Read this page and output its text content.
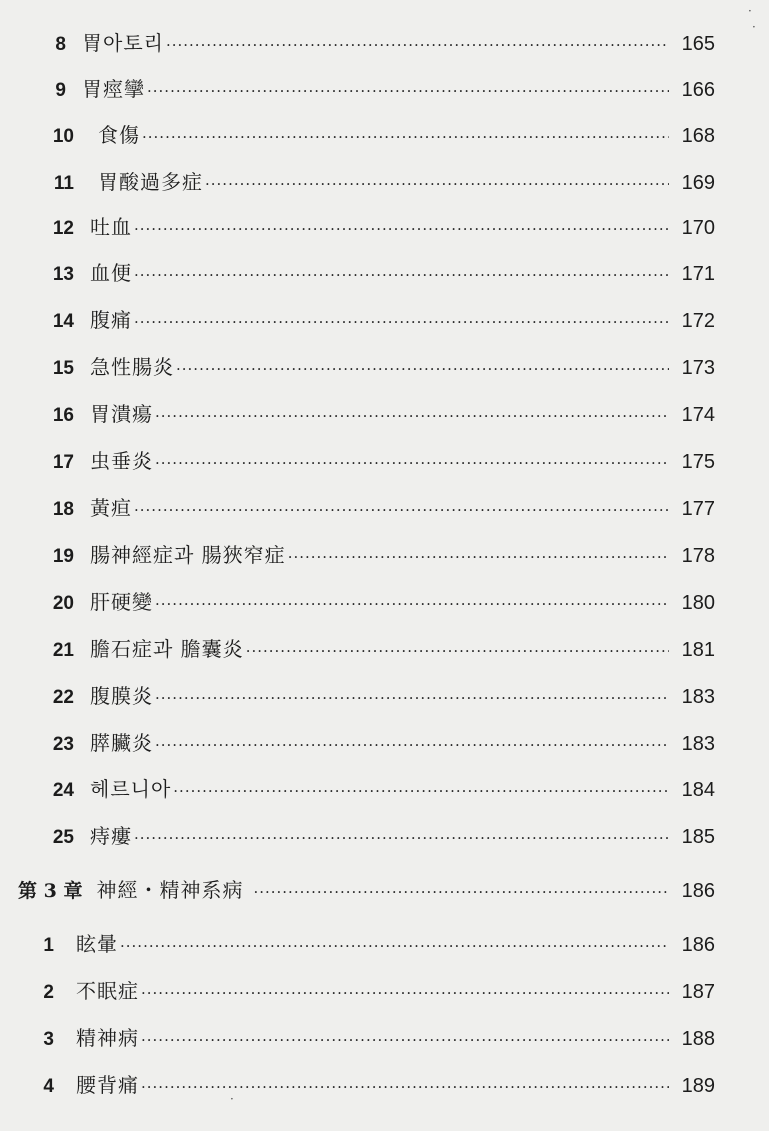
8 胃아토리 ·····	165
9 胃痙攣 ·····	166
10 食傷 ·····	168
11 胃酸過多症 ·····	169
12 吐血 ·····	170
13 血便 ·····	171
14 腹痛 ·····	172
15 急性腸炎 ·····	173
16 胃潰瘍 ·····	174
17 虫垂炎 ·····	175
18 黃疸 ·····	177
19 腸神經症과 腸狹窄症 ·····	178
20 肝硬變 ·····	180
21 膽石症과 膽囊炎 ·····	181
22 腹膜炎 ·····	183
23 膵臟炎 ·····	183
24 헤르니아 ·····	184
25 痔瘻 ·····	185
第 3 章 神經・精神系病 ·····	186
1 眩暈 ·····	186
2 不眠症 ·····	187
3 精神病 ·····	188
4 腰背痛 ·····	189
·
·
·
